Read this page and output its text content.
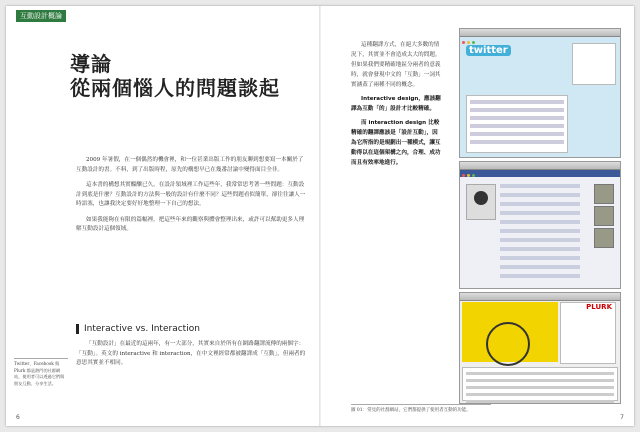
互動設計概論
導論
從兩個惱人的問題談起

2009 年暑假，在一個偶然的機會裡，和一位甚業出版工作的朋友聊到想要寫一本關於了互動設計的書。不料，到了出版時程，原先的構想早已在幾番討論中變得面目全非。

這本書的構想其實醞釀已久。在設計領域裡工作這些年，我常常思考著一些問題：互動設計到底是什麼？互動設計的方法與一般的設計有什麼不同？這些問題看似簡單，卻往往讓人一時語塞，也讓我決定要好好地整理一下自己的想法。

如果我能夠在有限的篇幅裡，把這些年來的觀察與體會整理出來，或許可以幫助更多人理解互動設計這個領域。

Interactive vs. Interaction

「互動設計」在最近的這兩年，有一大部分，其實來自於所有在網路翻譯流傳的兩個字：「互動」。英文的 interactive 和 interaction，在中文裡經常都被翻譯成「互動」，但兩者的意思其實並不相同。

Twitter、Facebook 與 Plurk 都是熱門的社群網站，使用者可以透過它們與朋友互動、分享生活。
6

這種翻譯方式，在絕大多數的情況下，其實並不會造成太大的問題。但如果我們要精確地區分兩者的意義時，就會發現中文的「互動」一詞其實涵蓋了兩種不同的概念。

Interactive design，應該翻譯為互動「的」設計才比較精確。

而 interaction design 比較精確的翻譯應該是「設計互動」，因為它所指的是規劃出一種模式，讓互動得以在這個架構之內，合理、成功而且有效率地進行。

twitter
PLURK
圖 01：常見的社群網站，它們都提供了使用者互動的功能。
7
